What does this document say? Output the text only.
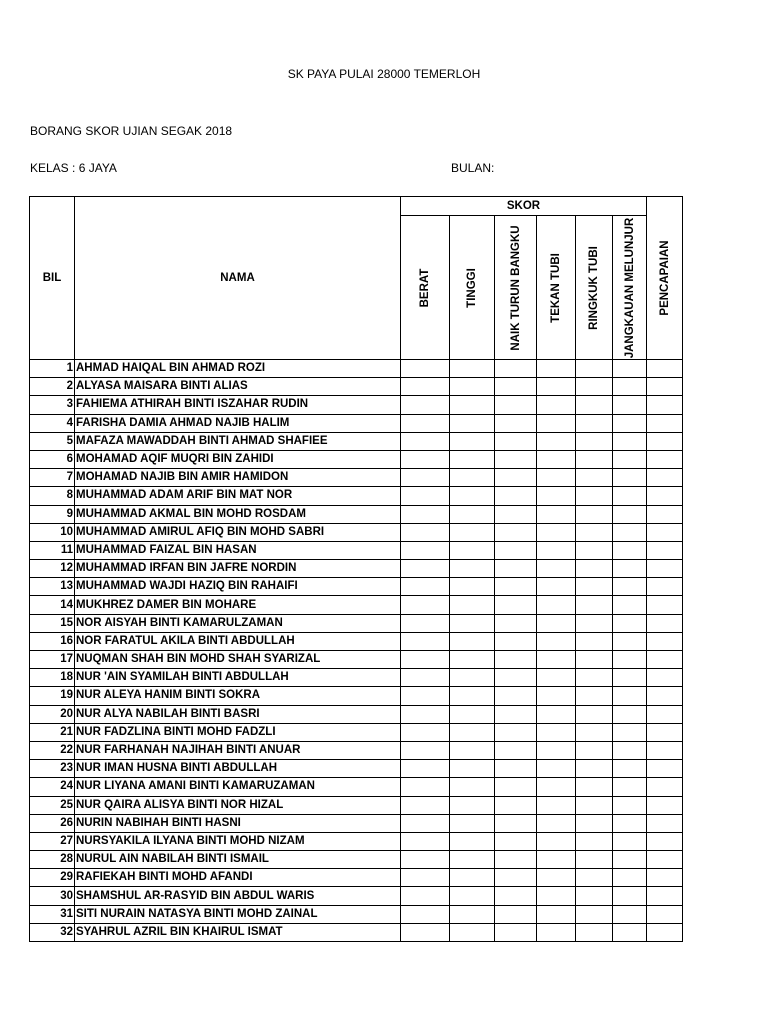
SK PAYA PULAI 28000 TEMERLOH
BORANG SKOR UJIAN SEGAK 2018
KELAS : 6 JAYA	BULAN:
BIL	NAMA	SKOR						PENCAPAIAN

		BERAT	TINGGI	NAIK TURUN BANGKU	TEKAN TUBI	RINGKUK TUBI	JANGKAUAN MELUNJUR	

1	AHMAD HAIQAL BIN AHMAD ROZI							
2	ALYASA MAISARA BINTI ALIAS							
3	FAHIEMA ATHIRAH BINTI ISZAHAR RUDIN							
4	FARISHA DAMIA AHMAD NAJIB HALIM							
5	MAFAZA MAWADDAH BINTI AHMAD SHAFIEE							
6	MOHAMAD AQIF MUQRI BIN ZAHIDI							
7	MOHAMAD NAJIB BIN AMIR HAMIDON							
8	MUHAMMAD ADAM ARIF BIN MAT NOR							
9	MUHAMMAD AKMAL BIN MOHD ROSDAM							
10	MUHAMMAD AMIRUL AFIQ BIN MOHD SABRI							
11	MUHAMMAD FAIZAL BIN HASAN							
12	MUHAMMAD IRFAN BIN JAFRE NORDIN							
13	MUHAMMAD WAJDI HAZIQ BIN RAHAIFI							
14	MUKHREZ DAMER BIN MOHARE							
15	NOR AISYAH BINTI KAMARULZAMAN							
16	NOR FARATUL AKILA BINTI ABDULLAH							
17	NUQMAN SHAH BIN MOHD SHAH SYARIZAL							
18	NUR 'AIN SYAMILAH BINTI ABDULLAH							
19	NUR ALEYA HANIM BINTI SOKRA							
20	NUR ALYA NABILAH BINTI BASRI							
21	NUR FADZLINA BINTI MOHD FADZLI							
22	NUR FARHANAH NAJIHAH BINTI ANUAR							
23	NUR IMAN HUSNA BINTI ABDULLAH							
24	NUR LIYANA AMANI BINTI KAMARUZAMAN							
25	NUR QAIRA ALISYA BINTI NOR HIZAL							
26	NURIN NABIHAH BINTI HASNI							
27	NURSYAKILA ILYANA BINTI MOHD NIZAM							
28	NURUL AIN NABILAH BINTI ISMAIL							
29	RAFIEKAH BINTI MOHD AFANDI							
30	SHAMSHUL AR-RASYID BIN ABDUL WARIS							
31	SITI NURAIN NATASYA BINTI MOHD ZAINAL							
32	SYAHRUL AZRIL BIN KHAIRUL ISMAT							
